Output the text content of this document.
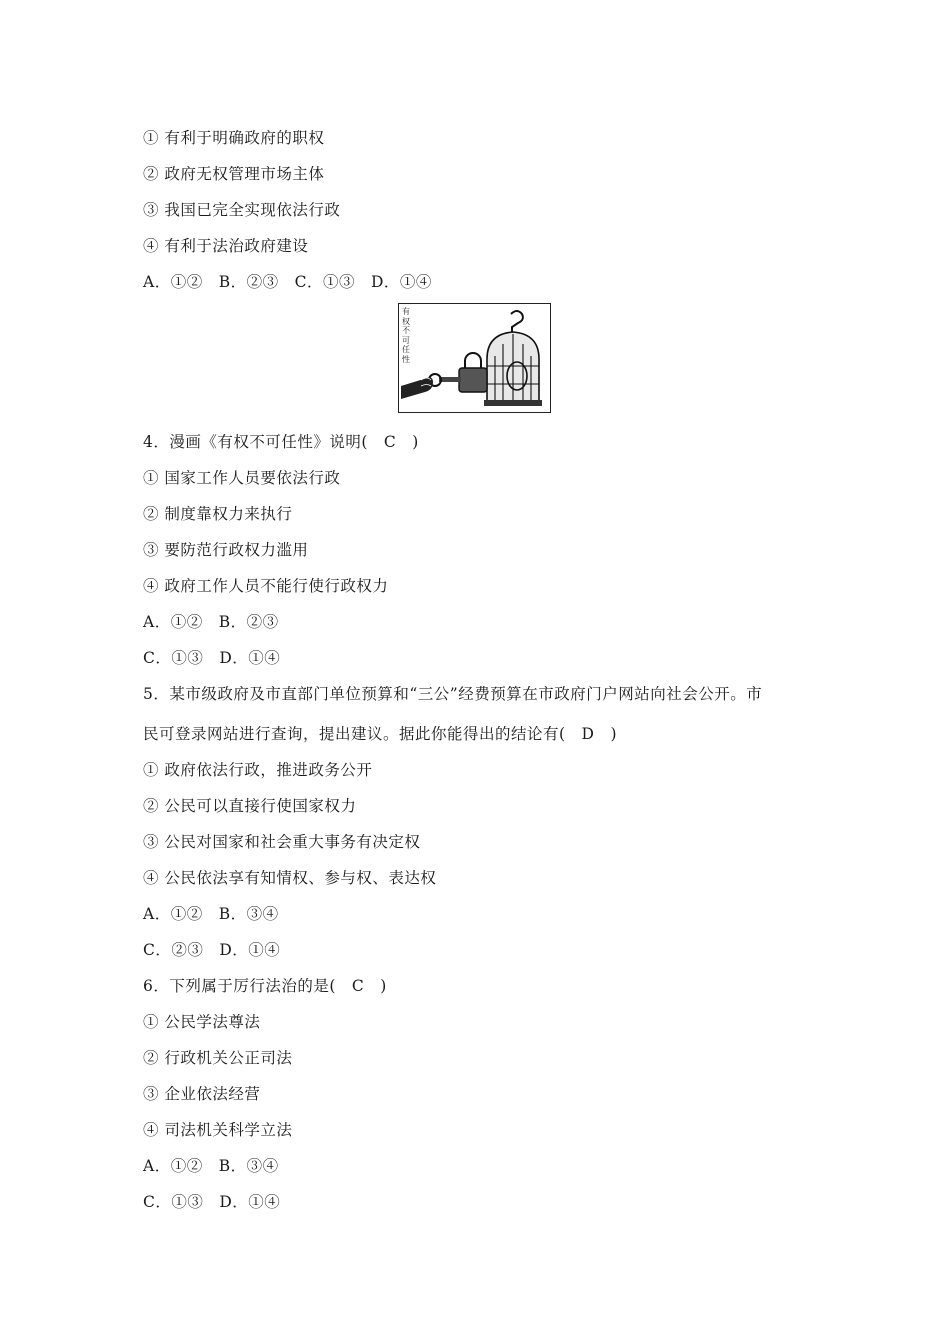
① 有利于明确政府的职权
② 政府无权管理市场主体
③ 我国已完全实现依法行政
④ 有利于法治政府建设
A．①②　B．②③　C．①③　D．①④
有权不可任性
4．漫画《有权不可任性》说明(　C　)
① 国家工作人员要依法行政
② 制度靠权力来执行
③ 要防范行政权力滥用
④ 政府工作人员不能行使行政权力
A．①②　B．②③
C．①③　D．①④
5．某市级政府及市直部门单位预算和“三公”经费预算在市政府门户网站向社会公开。市
民可登录网站进行查询，提出建议。据此你能得出的结论有(　D　)
① 政府依法行政，推进政务公开
② 公民可以直接行使国家权力
③ 公民对国家和社会重大事务有决定权
④ 公民依法享有知情权、参与权、表达权
A．①②　B．③④
C．②③　D．①④
6．下列属于厉行法治的是(　C　)
① 公民学法尊法
② 行政机关公正司法
③ 企业依法经营
④ 司法机关科学立法
A．①②　B．③④
C．①③　D．①④
